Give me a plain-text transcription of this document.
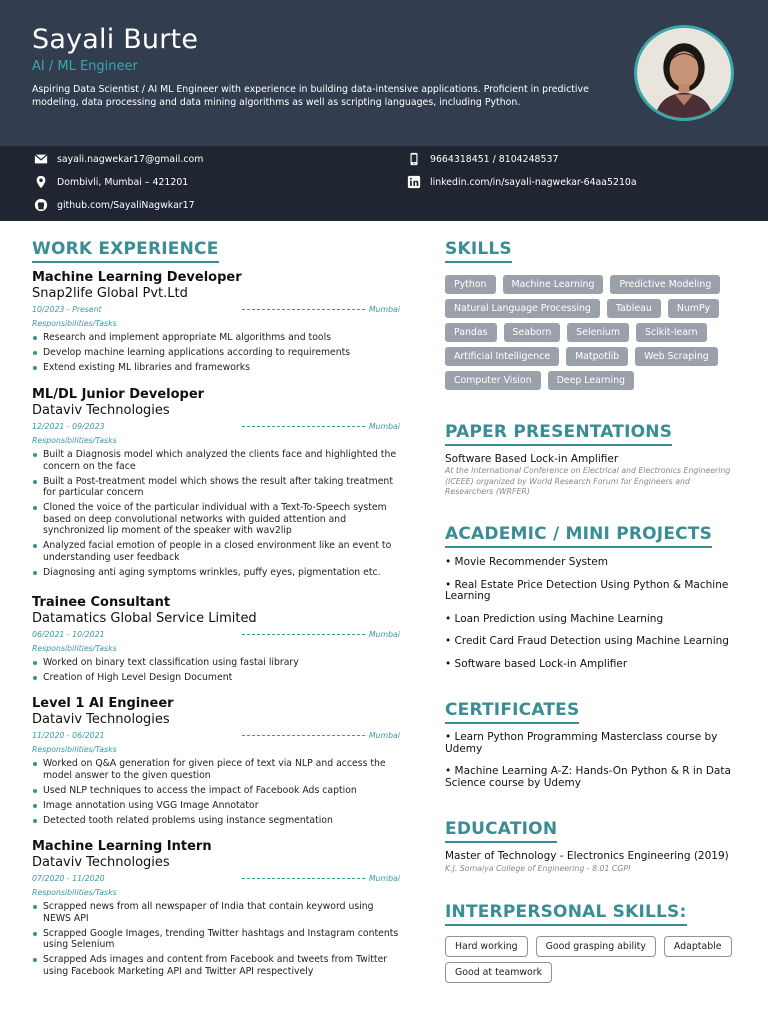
Sayali Burte
AI / ML Engineer
Aspiring Data Scientist / AI ML Engineer with experience in building data-intensive applications. Proficient in predictive modeling, data processing and data mining algorithms as well as scripting languages, including Python.
sayali.nagwekar17@gmail.com
Dombivli, Mumbai – 421201
github.com/SayaliNagwkar17
9664318451 / 8104248537
linkedin.com/in/sayali-nagwekar-64aa5210a
WORK EXPERIENCE
Machine Learning Developer
Snap2life Global Pvt.Ltd
10/2023 - Present	Mumbai
Responsibilities/Tasks
Research and implement appropriate ML algorithms and tools
Develop machine learning applications according to requirements
Extend existing ML libraries and frameworks
ML/DL Junior Developer
Dataviv Technologies
12/2021 - 09/2023	Mumbai
Responsibilities/Tasks
Built a Diagnosis model which analyzed the clients face and highlighted the concern on the face
Built a Post-treatment model which shows the result after taking treatment for particular concern
Cloned the voice of the particular individual with a Text-To-Speech system based on deep convolutional networks with guided attention and synchronized lip moment of the speaker with wav2lip
Analyzed facial emotion of people in a closed environment like an event to understanding user feedback
Diagnosing anti aging symptoms wrinkles, puffy eyes, pigmentation etc.
Trainee Consultant
Datamatics Global Service Limited
06/2021 - 10/2021	Mumbai
Responsibilities/Tasks
Worked on binary text classification using fastai library
Creation of High Level Design Document
Level 1 AI Engineer
Dataviv Technologies
11/2020 - 06/2021	Mumbai
Responsibilities/Tasks
Worked on Q&A generation for given piece of text via NLP and access the model answer to the given question
Used NLP techniques to access the impact of Facebook Ads caption
Image annotation using VGG Image Annotator
Detected tooth related problems using instance segmentation
Machine Learning Intern
Dataviv Technologies
07/2020 - 11/2020	Mumbai
Responsibilities/Tasks
Scrapped news from all newspaper of India that contain keyword using NEWS API
Scrapped Google Images, trending Twitter hashtags and Instagram contents using Selenium
Scrapped Ads images and content from Facebook and tweets from Twitter using Facebook Marketing API and Twitter API respectively
SKILLS
Python	Machine Learning	Predictive Modeling
Natural Language Processing	Tableau	NumPy
Pandas	Seaborn	Selenium	Scikit-learn
Artificial Intelligence	Matpotlib	Web Scraping
Computer Vision	Deep Learning
PAPER PRESENTATIONS
Software Based Lock-in Amplifier
At the International Conference on Electrical and Electronics Engineering (ICEEE) organized by World Research Forum for Engineers and Researchers (WRFER)
ACADEMIC / MINI PROJECTS
• Movie Recommender System
• Real Estate Price Detection Using Python & Machine Learning
• Loan Prediction using Machine Learning
• Credit Card Fraud Detection using Machine Learning
• Software based Lock-in Amplifier
CERTIFICATES
• Learn Python Programming Masterclass course by Udemy
• Machine Learning A-Z: Hands-On Python & R in Data Science course by Udemy
EDUCATION
Master of Technology - Electronics Engineering (2019)
K.J. Somaiya College of Engineering - 8.01 CGPI
INTERPERSONAL SKILLS:
Hard working	Good grasping ability	Adaptable
Good at teamwork
